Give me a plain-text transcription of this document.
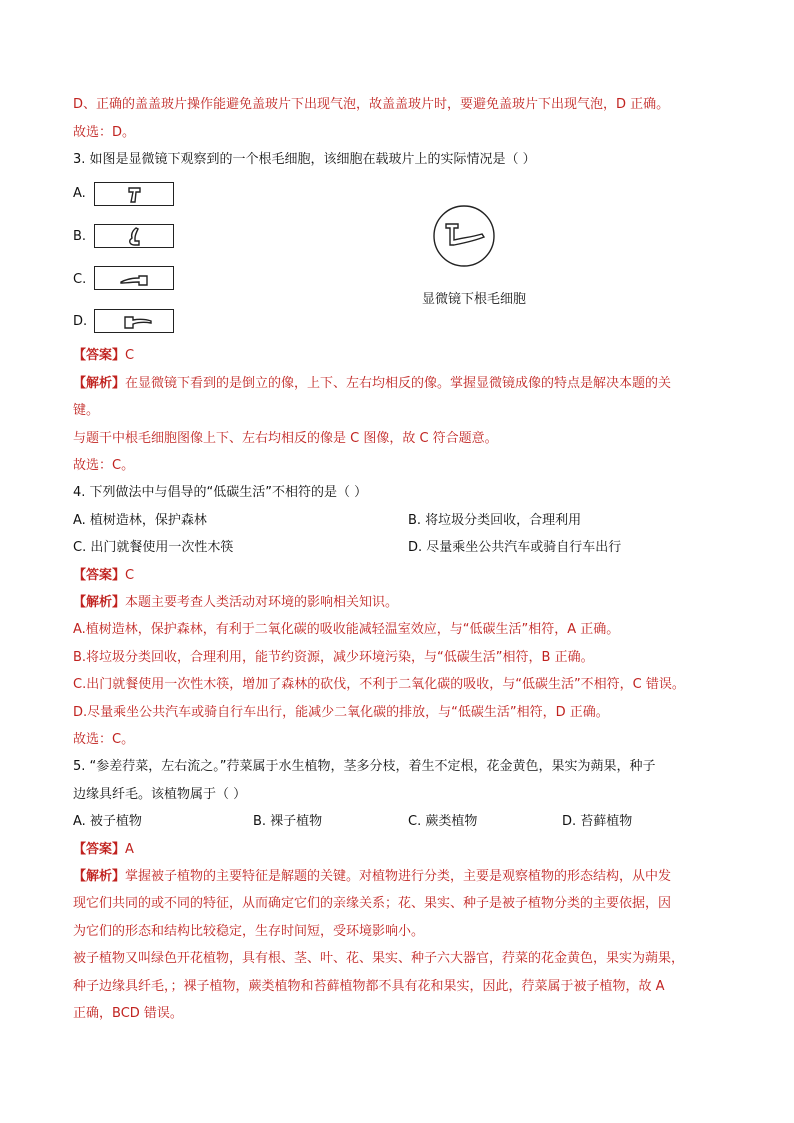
D、正确的盖盖玻片操作能避免盖玻片下出现气泡，故盖盖玻片时，要避免盖玻片下出现气泡，D 正确。
故选：D。
3. 如图是显微镜下观察到的一个根毛细胞，该细胞在载玻片上的实际情况是（ ）
A.
B.
C.
D.
显微镜下根毛细胞
【答案】C
【解析】在显微镜下看到的是倒立的像，上下、左右均相反的像。掌握显微镜成像的特点是解决本题的关
键。
与题干中根毛细胞图像上下、左右均相反的像是 C 图像，故 C 符合题意。
故选：C。
4. 下列做法中与倡导的“低碳生活”不相符的是（ ）
A. 植树造林，保护森林	B. 将垃圾分类回收，合理利用
C. 出门就餐使用一次性木筷	D. 尽量乘坐公共汽车或骑自行车出行
【答案】C
【解析】本题主要考查人类活动对环境的影响相关知识。
A.植树造林，保护森林，有利于二氧化碳的吸收能减轻温室效应，与“低碳生活”相符，A 正确。
B.将垃圾分类回收，合理利用，能节约资源，减少环境污染，与“低碳生活”相符，B 正确。
C.出门就餐使用一次性木筷，增加了森林的砍伐，不利于二氧化碳的吸收，与“低碳生活”不相符，C 错误。
D.尽量乘坐公共汽车或骑自行车出行，能减少二氧化碳的排放，与“低碳生活”相符，D 正确。
故选：C。
5. “参差荇菜，左右流之。”荇菜属于水生植物，茎多分枝，着生不定根，花金黄色，果实为蒴果，种子
边缘具纤毛。该植物属于（ ）
A. 被子植物	B. 裸子植物	C. 蕨类植物	D. 苔藓植物
【答案】A
【解析】掌握被子植物的主要特征是解题的关键。对植物进行分类，主要是观察植物的形态结构，从中发
现它们共同的或不同的特征，从而确定它们的亲缘关系；花、果实、种子是被子植物分类的主要依据，因
为它们的形态和结构比较稳定，生存时间短，受环境影响小。
被子植物又叫绿色开花植物，具有根、茎、叶、花、果实、种子六大器官，荇菜的花金黄色，果实为蒴果，
种子边缘具纤毛，；裸子植物，蕨类植物和苔藓植物都不具有花和果实，因此，荇菜属于被子植物，故 A
正确，BCD 错误。
